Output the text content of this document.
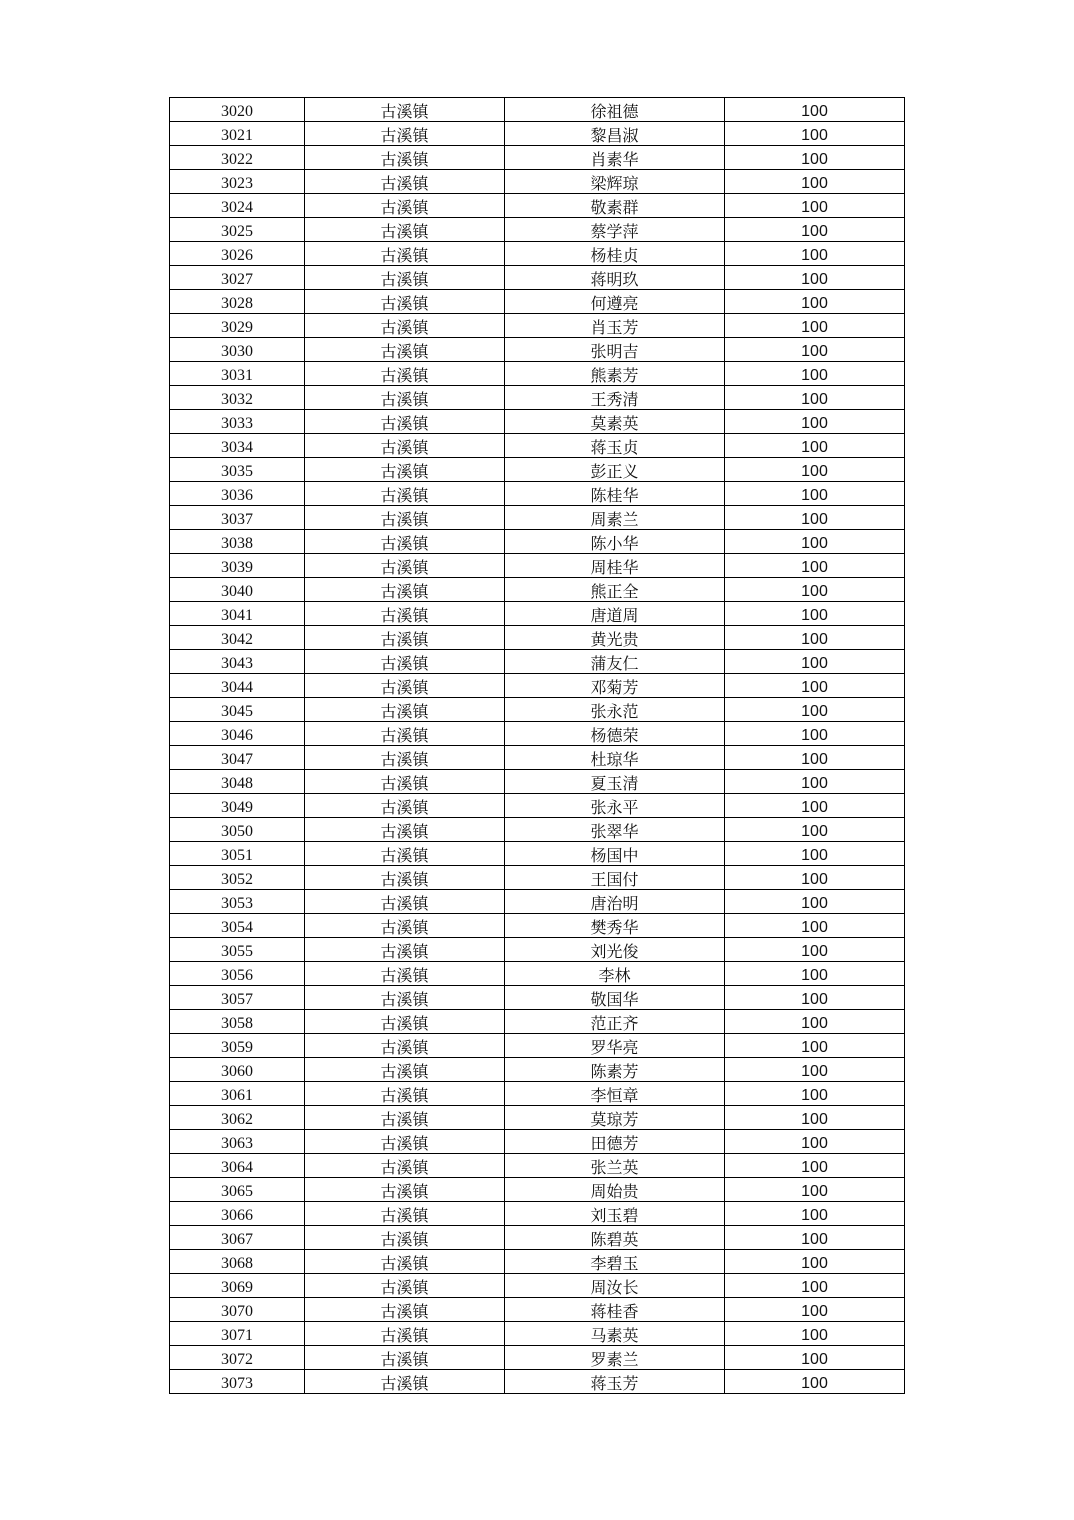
3020	古溪镇	徐祖德	100
3021	古溪镇	黎昌淑	100
3022	古溪镇	肖素华	100
3023	古溪镇	梁辉琼	100
3024	古溪镇	敬素群	100
3025	古溪镇	蔡学萍	100
3026	古溪镇	杨桂贞	100
3027	古溪镇	蒋明玖	100
3028	古溪镇	何遵亮	100
3029	古溪镇	肖玉芳	100
3030	古溪镇	张明吉	100
3031	古溪镇	熊素芳	100
3032	古溪镇	王秀清	100
3033	古溪镇	莫素英	100
3034	古溪镇	蒋玉贞	100
3035	古溪镇	彭正义	100
3036	古溪镇	陈桂华	100
3037	古溪镇	周素兰	100
3038	古溪镇	陈小华	100
3039	古溪镇	周桂华	100
3040	古溪镇	熊正全	100
3041	古溪镇	唐道周	100
3042	古溪镇	黄光贵	100
3043	古溪镇	蒲友仁	100
3044	古溪镇	邓菊芳	100
3045	古溪镇	张永范	100
3046	古溪镇	杨德荣	100
3047	古溪镇	杜琼华	100
3048	古溪镇	夏玉清	100
3049	古溪镇	张永平	100
3050	古溪镇	张翠华	100
3051	古溪镇	杨国中	100
3052	古溪镇	王国付	100
3053	古溪镇	唐治明	100
3054	古溪镇	樊秀华	100
3055	古溪镇	刘光俊	100
3056	古溪镇	李林	100
3057	古溪镇	敬国华	100
3058	古溪镇	范正齐	100
3059	古溪镇	罗华亮	100
3060	古溪镇	陈素芳	100
3061	古溪镇	李恒章	100
3062	古溪镇	莫琼芳	100
3063	古溪镇	田德芳	100
3064	古溪镇	张兰英	100
3065	古溪镇	周始贵	100
3066	古溪镇	刘玉碧	100
3067	古溪镇	陈碧英	100
3068	古溪镇	李碧玉	100
3069	古溪镇	周汝长	100
3070	古溪镇	蒋桂香	100
3071	古溪镇	马素英	100
3072	古溪镇	罗素兰	100
3073	古溪镇	蒋玉芳	100
